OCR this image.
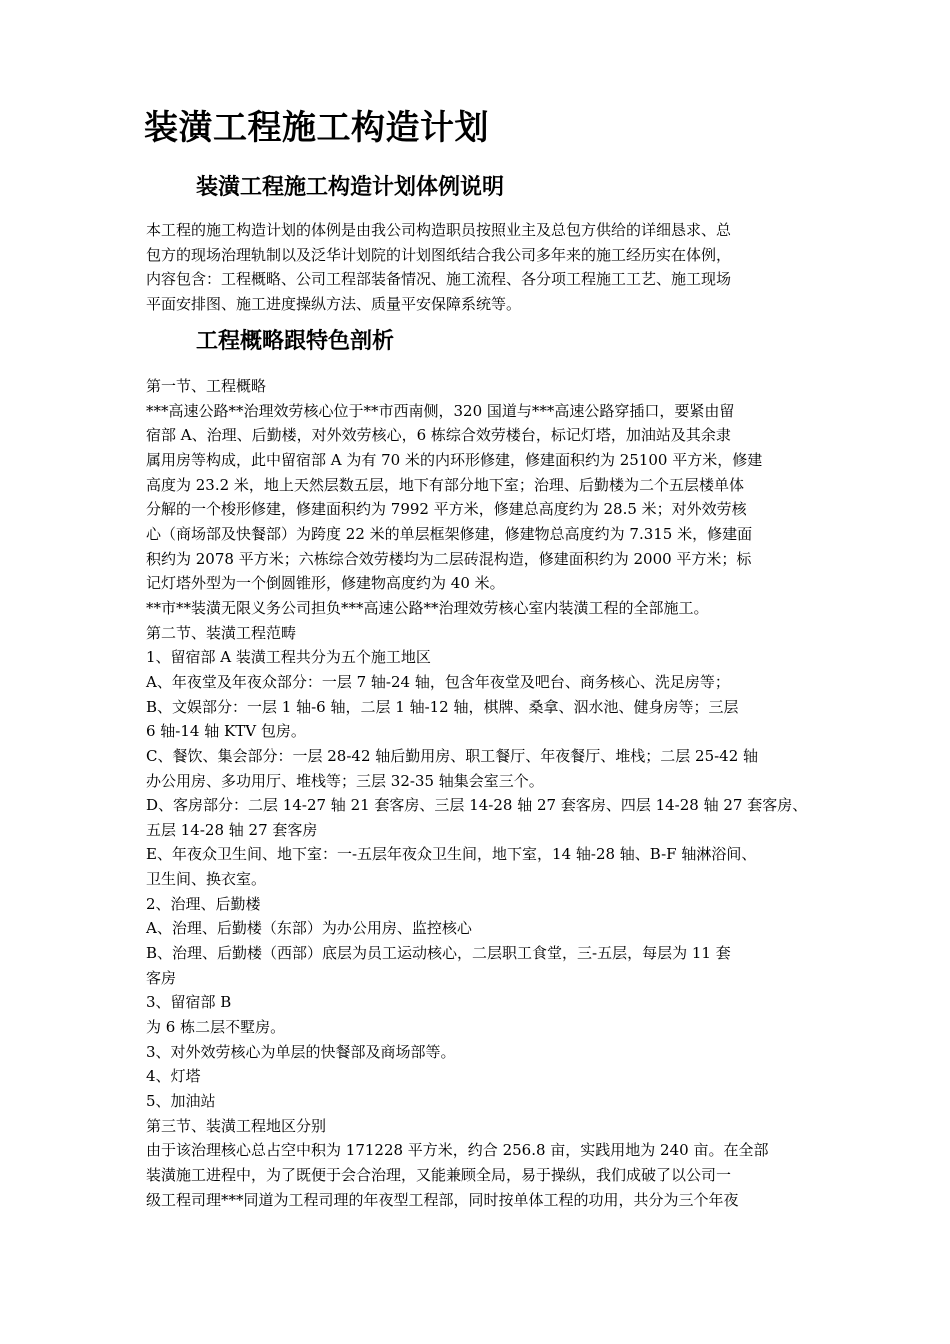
装潢工程施工构造计划
装潢工程施工构造计划体例说明
本工程的施工构造计划的体例是由我公司构造职员按照业主及总包方供给的详细恳求、总
包方的现场治理轨制以及泛华计划院的计划图纸结合我公司多年来的施工经历实在体例，
内容包含：工程概略、公司工程部装备情况、施工流程、各分项工程施工工艺、施工现场
平面安排图、施工进度操纵方法、质量平安保障系统等。
工程概略跟特色剖析
第一节、工程概略
***高速公路**治理效劳核心位于**市西南侧，320 国道与***高速公路穿插口，要紧由留
宿部 A、治理、后勤楼，对外效劳核心，6 栋综合效劳楼台，标记灯塔，加油站及其余隶
属用房等构成，此中留宿部 A 为有 70 米的内环形修建，修建面积约为 25100 平方米，修建
高度为 23.2 米，地上天然层数五层，地下有部分地下室；治理、后勤楼为二个五层楼单体
分解的一个梭形修建，修建面积约为 7992 平方米，修建总高度约为 28.5 米；对外效劳核
心（商场部及快餐部）为跨度 22 米的单层框架修建，修建物总高度约为 7.315 米，修建面
积约为 2078 平方米；六栋综合效劳楼均为二层砖混构造，修建面积约为 2000 平方米；标
记灯塔外型为一个倒圆锥形，修建物高度约为 40 米。
**市**装潢无限义务公司担负***高速公路**治理效劳核心室内装潢工程的全部施工。
第二节、装潢工程范畴
1、留宿部 A 装潢工程共分为五个施工地区
A、年夜堂及年夜众部分：一层 7 轴-24 轴，包含年夜堂及吧台、商务核心、洗足房等；
B、文娱部分：一层 1 轴-6 轴，二层 1 轴-12 轴，棋牌、桑拿、泅水池、健身房等；三层
6 轴-14 轴 KTV 包房。
C、餐饮、集会部分：一层 28-42 轴后勤用房、职工餐厅、年夜餐厅、堆栈；二层 25-42 轴
办公用房、多功用厅、堆栈等；三层 32-35 轴集会室三个。
D、客房部分：二层 14-27 轴 21 套客房、三层 14-28 轴 27 套客房、四层 14-28 轴 27 套客房、
五层 14-28 轴 27 套客房
E、年夜众卫生间、地下室：一-五层年夜众卫生间，地下室，14 轴-28 轴、B-F 轴淋浴间、
卫生间、换衣室。
2、治理、后勤楼
A、治理、后勤楼（东部）为办公用房、监控核心
B、治理、后勤楼（西部）底层为员工运动核心，二层职工食堂，三-五层，每层为 11 套
客房
3、留宿部 B
为 6 栋二层不墅房。
3、对外效劳核心为单层的快餐部及商场部等。
4、灯塔
5、加油站
第三节、装潢工程地区分别
由于该治理核心总占空中积为 171228 平方米，约合 256.8 亩，实践用地为 240 亩。在全部
装潢施工进程中，为了既便于会合治理，又能兼顾全局，易于操纵，我们成破了以公司一
级工程司理***同道为工程司理的年夜型工程部，同时按单体工程的功用，共分为三个年夜
